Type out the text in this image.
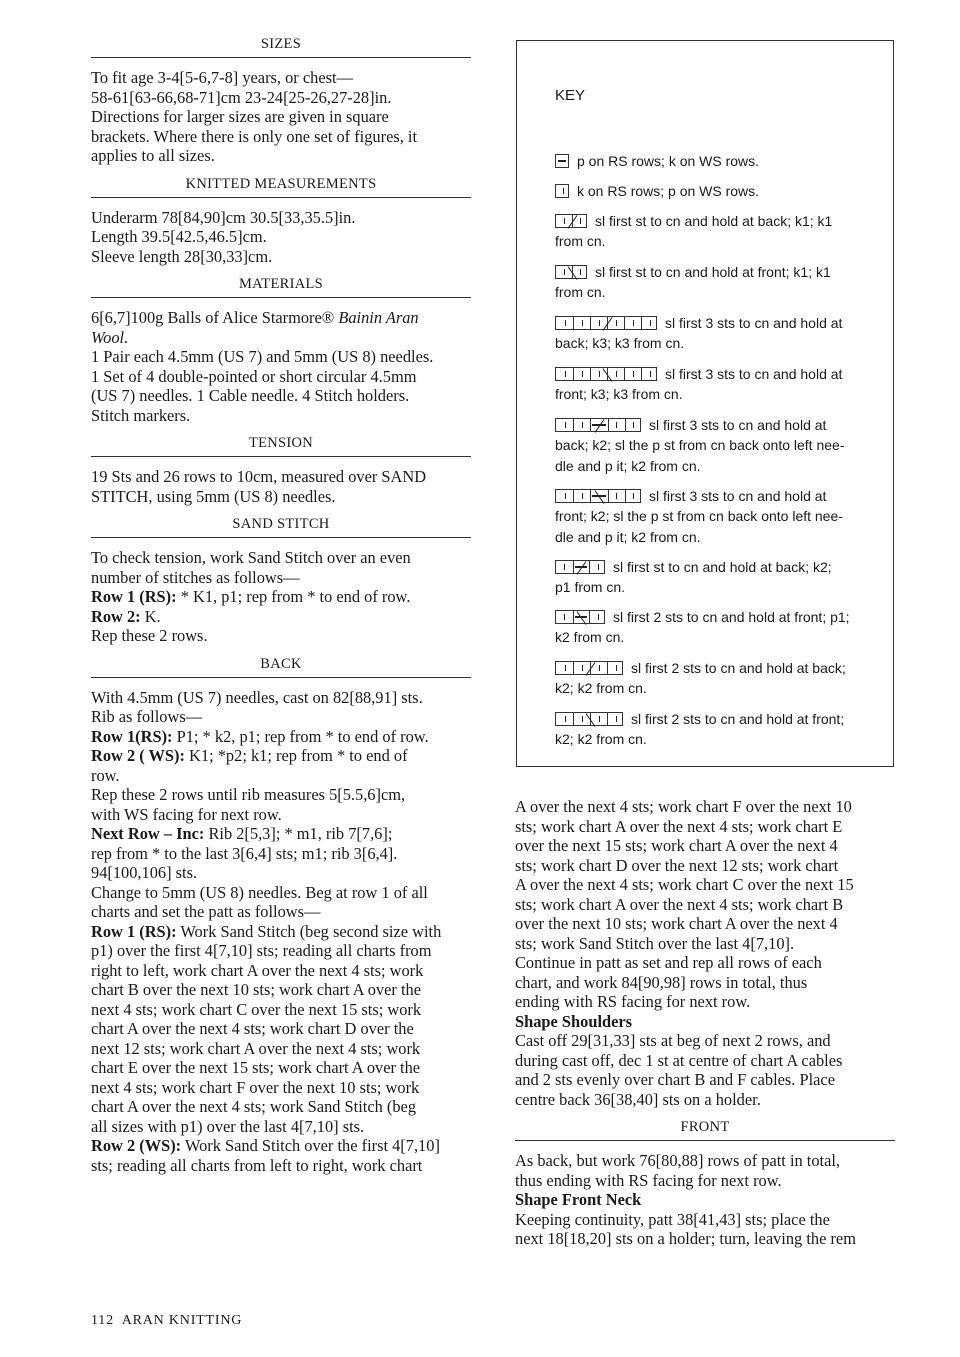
SIZES

To fit age 3-4[5-6,7-8] years, or chest—

58-61[63-66,68-71]cm 23-24[25-26,27-28]in.

Directions for larger sizes are given in square

brackets. Where there is only one set of figures, it

applies to all sizes.

KNITTED MEASUREMENTS

Underarm 78[84,90]cm 30.5[33,35.5]in.

Length 39.5[42.5,46.5]cm.

Sleeve length 28[30,33]cm.

MATERIALS

6[6,7]100g Balls of Alice Starmore® Bainin Aran

Wool.

1 Pair each 4.5mm (US 7) and 5mm (US 8) needles.

1 Set of 4 double-pointed or short circular 4.5mm

(US 7) needles. 1 Cable needle. 4 Stitch holders.

Stitch markers.

TENSION

19 Sts and 26 rows to 10cm, measured over SAND

STITCH, using 5mm (US 8) needles.

SAND STITCH

To check tension, work Sand Stitch over an even

number of stitches as follows—

Row 1 (RS): * K1, p1; rep from * to end of row.

Row 2: K.

Rep these 2 rows.

BACK

With 4.5mm (US 7) needles, cast on 82[88,91] sts.

Rib as follows—

Row 1(RS): P1; * k2, p1; rep from * to end of row.

Row 2 ( WS): K1; *p2; k1; rep from * to end of

row.

Rep these 2 rows until rib measures 5[5.5,6]cm,

with WS facing for next row.

Next Row – Inc: Rib 2[5,3]; * m1, rib 7[7,6];

rep from * to the last 3[6,4] sts; m1; rib 3[6,4].

94[100,106] sts.

Change to 5mm (US 8) needles. Beg at row 1 of all

charts and set the patt as follows—

Row 1 (RS): Work Sand Stitch (beg second size with

p1) over the first 4[7,10] sts; reading all charts from

right to left, work chart A over the next 4 sts; work

chart B over the next 10 sts; work chart A over the

next 4 sts; work chart C over the next 15 sts; work

chart A over the next 4 sts; work chart D over the

next 12 sts; work chart A over the next 4 sts; work

chart E over the next 15 sts; work chart A over the

next 4 sts; work chart F over the next 10 sts; work

chart A over the next 4 sts; work Sand Stitch (beg

all sizes with p1) over the last 4[7,10] sts.

Row 2 (WS): Work Sand Stitch over the first 4[7,10]

sts; reading all charts from left to right, work chart

A over the next 4 sts; work chart F over the next 10

sts; work chart A over the next 4 sts; work chart E

over the next 15 sts; work chart A over the next 4

sts; work chart D over the next 12 sts; work chart

A over the next 4 sts; work chart C over the next 15

sts; work chart A over the next 4 sts; work chart B

over the next 10 sts; work chart A over the next 4

sts; work Sand Stitch over the last 4[7,10].

Continue in patt as set and rep all rows of each

chart, and work 84[90,98] rows in total, thus

ending with RS facing for next row.

Shape Shoulders

Cast off 29[31,33] sts at beg of next 2 rows, and

during cast off, dec 1 st at centre of chart A cables

and 2 sts evenly over chart B and F cables. Place

centre back 36[38,40] sts on a holder.

FRONT

As back, but work 76[80,88] rows of patt in total,

thus ending with RS facing for next row.

Shape Front Neck

Keeping continuity, patt 38[41,43] sts; place the

next 18[18,20] sts on a holder; turn, leaving the rem

KEY
p on RS rows; k on WS rows.
k on RS rows; p on WS rows.
sl first st to cn and hold at back; k1; k1
from cn.
sl first st to cn and hold at front; k1; k1
from cn.
sl first 3 sts to cn and hold at
back; k3; k3 from cn.
sl first 3 sts to cn and hold at
front; k3; k3 from cn.
sl first 3 sts to cn and hold at
back; k2; sl the p st from cn back onto left nee-
dle and p it; k2 from cn.
sl first 3 sts to cn and hold at
front; k2; sl the p st from cn back onto left nee-
dle and p it; k2 from cn.
sl first st to cn and hold at back; k2;
p1 from cn.
sl first 2 sts to cn and hold at front; p1;
k2 from cn.
sl first 2 sts to cn and hold at back;
k2; k2 from cn.
sl first 2 sts to cn and hold at front;
k2; k2 from cn.
112 ARAN KNITTING
